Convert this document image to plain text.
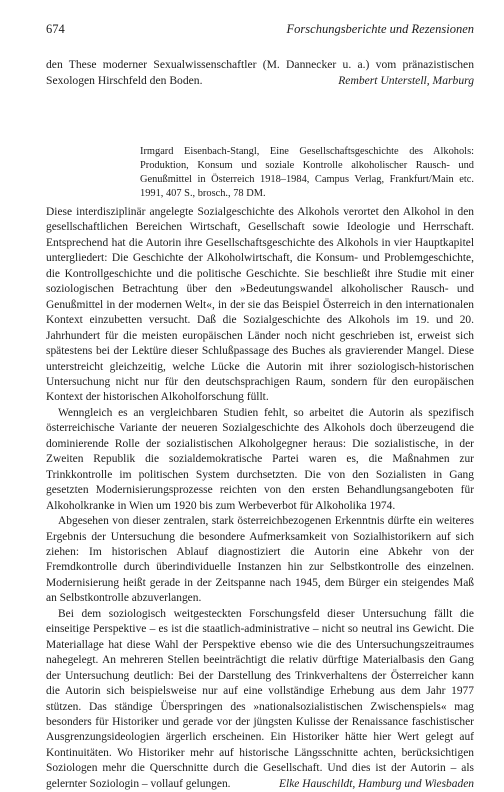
674	Forschungsberichte und Rezensionen
den These moderner Sexualwissenschaftler (M. Dannecker u. a.) vom pränazistischen Sexologen Hirschfeld den Boden.	Rembert Unterstell, Marburg
Irmgard Eisenbach-Stangl, Eine Gesellschaftsgeschichte des Alkohols: Produktion, Konsum und soziale Kontrolle alkoholischer Rausch- und Genußmittel in Österreich 1918–1984, Campus Verlag, Frankfurt/Main etc. 1991, 407 S., brosch., 78 DM.

Diese interdisziplinär angelegte Sozialgeschichte des Alkohols verortet den Alkohol in den gesellschaftlichen Bereichen Wirtschaft, Gesellschaft sowie Ideologie und Herrschaft. Entsprechend hat die Autorin ihre Gesellschaftsgeschichte des Alkohols in vier Hauptkapitel untergliedert: Die Geschichte der Alkoholwirtschaft, die Konsum- und Problemgeschichte, die Kontrollgeschichte und die politische Geschichte. Sie beschließt ihre Studie mit einer soziologischen Betrachtung über den »Bedeutungswandel alkoholischer Rausch- und Genußmittel in der modernen Welt«, in der sie das Beispiel Österreich in den internationalen Kontext einzubetten versucht. Daß die Sozialgeschichte des Alkohols im 19. und 20. Jahrhundert für die meisten europäischen Länder noch nicht geschrieben ist, erweist sich spätestens bei der Lektüre dieser Schlußpassage des Buches als gravierender Mangel. Diese unterstreicht gleichzeitig, welche Lücke die Autorin mit ihrer soziologisch-historischen Untersuchung nicht nur für den deutschsprachigen Raum, sondern für den europäischen Kontext der historischen Alkoholforschung füllt.

Wenngleich es an vergleichbaren Studien fehlt, so arbeitet die Autorin als spezifisch österreichische Variante der neueren Sozialgeschichte des Alkohols doch überzeugend die dominierende Rolle der sozialistischen Alkoholgegner heraus: Die sozialistische, in der Zweiten Republik die sozialdemokratische Partei waren es, die Maßnahmen zur Trinkkontrolle im politischen System durchsetzten. Die von den Sozialisten in Gang gesetzten Modernisierungsprozesse reichten von den ersten Behandlungsangeboten für Alkoholkranke in Wien um 1920 bis zum Werbeverbot für Alkoholika 1974.

Abgesehen von dieser zentralen, stark österreichbezogenen Erkenntnis dürfte ein weiteres Ergebnis der Untersuchung die besondere Aufmerksamkeit von Sozialhistorikern auf sich ziehen: Im historischen Ablauf diagnostiziert die Autorin eine Abkehr von der Fremdkontrolle durch überindividuelle Instanzen hin zur Selbstkontrolle des einzelnen. Modernisierung heißt gerade in der Zeitspanne nach 1945, dem Bürger ein steigendes Maß an Selbstkontrolle abzuverlangen.

Bei dem soziologisch weitgesteckten Forschungsfeld dieser Untersuchung fällt die einseitige Perspektive – es ist die staatlich-administrative – nicht so neutral ins Gewicht. Die Materiallage hat diese Wahl der Perspektive ebenso wie die des Untersuchungszeitraumes nahegelegt. An mehreren Stellen beeinträchtigt die relativ dürftige Materialbasis den Gang der Untersuchung deutlich: Bei der Darstellung des Trinkverhaltens der Österreicher kann die Autorin sich beispielsweise nur auf eine vollständige Erhebung aus dem Jahr 1977 stützen. Das ständige Überspringen des »nationalsozialistischen Zwischenspiels« mag besonders für Historiker und gerade vor der jüngsten Kulisse der Renaissance faschistischer Ausgrenzungsideologien ärgerlich erscheinen. Ein Historiker hätte hier Wert gelegt auf Kontinuitäten. Wo Historiker mehr auf historische Längsschnitte achten, berücksichtigen Soziologen mehr die Querschnitte durch die Gesellschaft. Und dies ist der Autorin – als gelernter Soziologin – vollauf gelungen.	Elke Hauschildt, Hamburg und Wiesbaden
